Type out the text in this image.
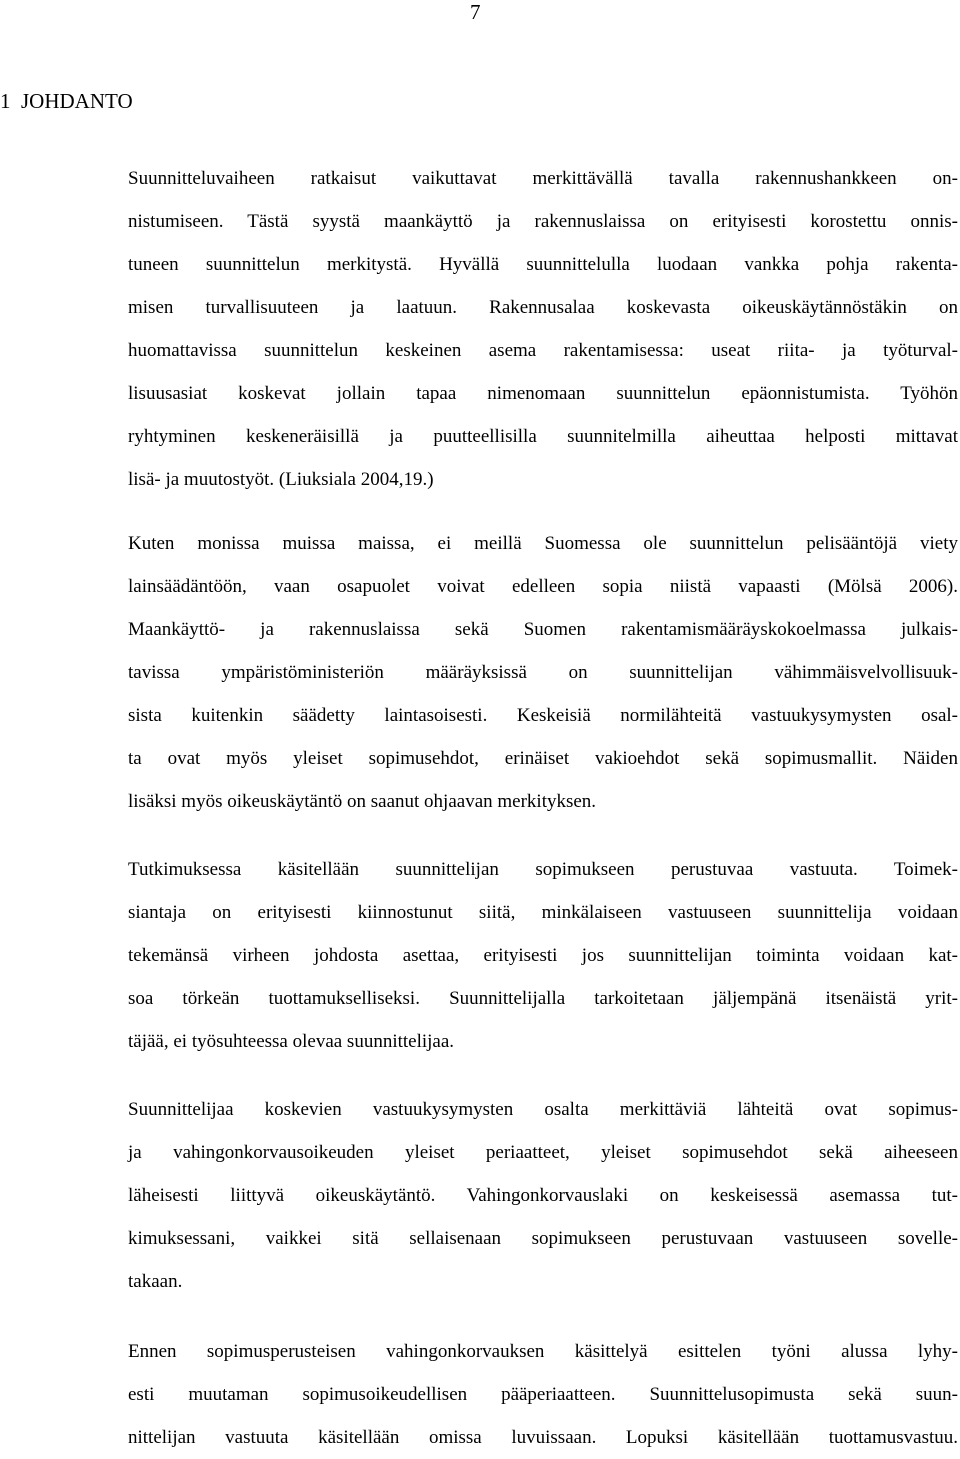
7
1  JOHDANTO
Suunnitteluvaiheen ratkaisut vaikuttavat merkittävällä tavalla rakennushankkeen on-
nistumiseen. Tästä syystä maankäyttö ja rakennuslaissa on erityisesti korostettu onnis-
tuneen suunnittelun merkitystä. Hyvällä suunnittelulla luodaan vankka pohja rakenta-
misen turvallisuuteen ja laatuun. Rakennusalaa koskevasta oikeuskäytännöstäkin on
huomattavissa suunnittelun keskeinen asema rakentamisessa: useat riita- ja työturval-
lisuusasiat koskevat jollain tapaa nimenomaan suunnittelun epäonnistumista. Työhön
ryhtyminen keskeneräisillä ja puutteellisilla suunnitelmilla aiheuttaa helposti mittavat
lisä- ja muutostyöt. (Liuksiala 2004,19.)
Kuten monissa muissa maissa, ei meillä Suomessa ole suunnittelun pelisääntöjä viety
lainsäädäntöön, vaan osapuolet voivat edelleen sopia niistä vapaasti (Mölsä 2006).
Maankäyttö- ja rakennuslaissa sekä Suomen rakentamismääräyskokoelmassa julkais-
tavissa ympäristöministeriön määräyksissä on suunnittelijan vähimmäisvelvollisuuk-
sista kuitenkin säädetty laintasoisesti. Keskeisiä normilähteitä vastuukysymysten osal-
ta ovat myös yleiset sopimusehdot, erinäiset vakioehdot sekä sopimusmallit. Näiden
lisäksi myös oikeuskäytäntö on saanut ohjaavan merkityksen.
Tutkimuksessa käsitellään suunnittelijan sopimukseen perustuvaa vastuuta. Toimek-
siantaja on erityisesti kiinnostunut siitä, minkälaiseen vastuuseen suunnittelija voidaan
tekemänsä virheen johdosta asettaa, erityisesti jos suunnittelijan toiminta voidaan kat-
soa törkeän tuottamukselliseksi. Suunnittelijalla tarkoitetaan jäljempänä itsenäistä yrit-
täjää, ei työsuhteessa olevaa suunnittelijaa.
Suunnittelijaa koskevien vastuukysymysten osalta merkittäviä lähteitä ovat sopimus-
ja vahingonkorvausoikeuden yleiset periaatteet, yleiset sopimusehdot sekä aiheeseen
läheisesti liittyvä oikeuskäytäntö. Vahingonkorvauslaki on keskeisessä asemassa tut-
kimuksessani, vaikkei sitä sellaisenaan sopimukseen perustuvaan vastuuseen sovelle-
takaan.
Ennen sopimusperusteisen vahingonkorvauksen käsittelyä esittelen työni alussa lyhy-
esti muutaman sopimusoikeudellisen pääperiaatteen. Suunnittelusopimusta sekä suun-
nittelijan vastuuta käsitellään omissa luvuissaan. Lopuksi käsitellään tuottamusvastuu.
